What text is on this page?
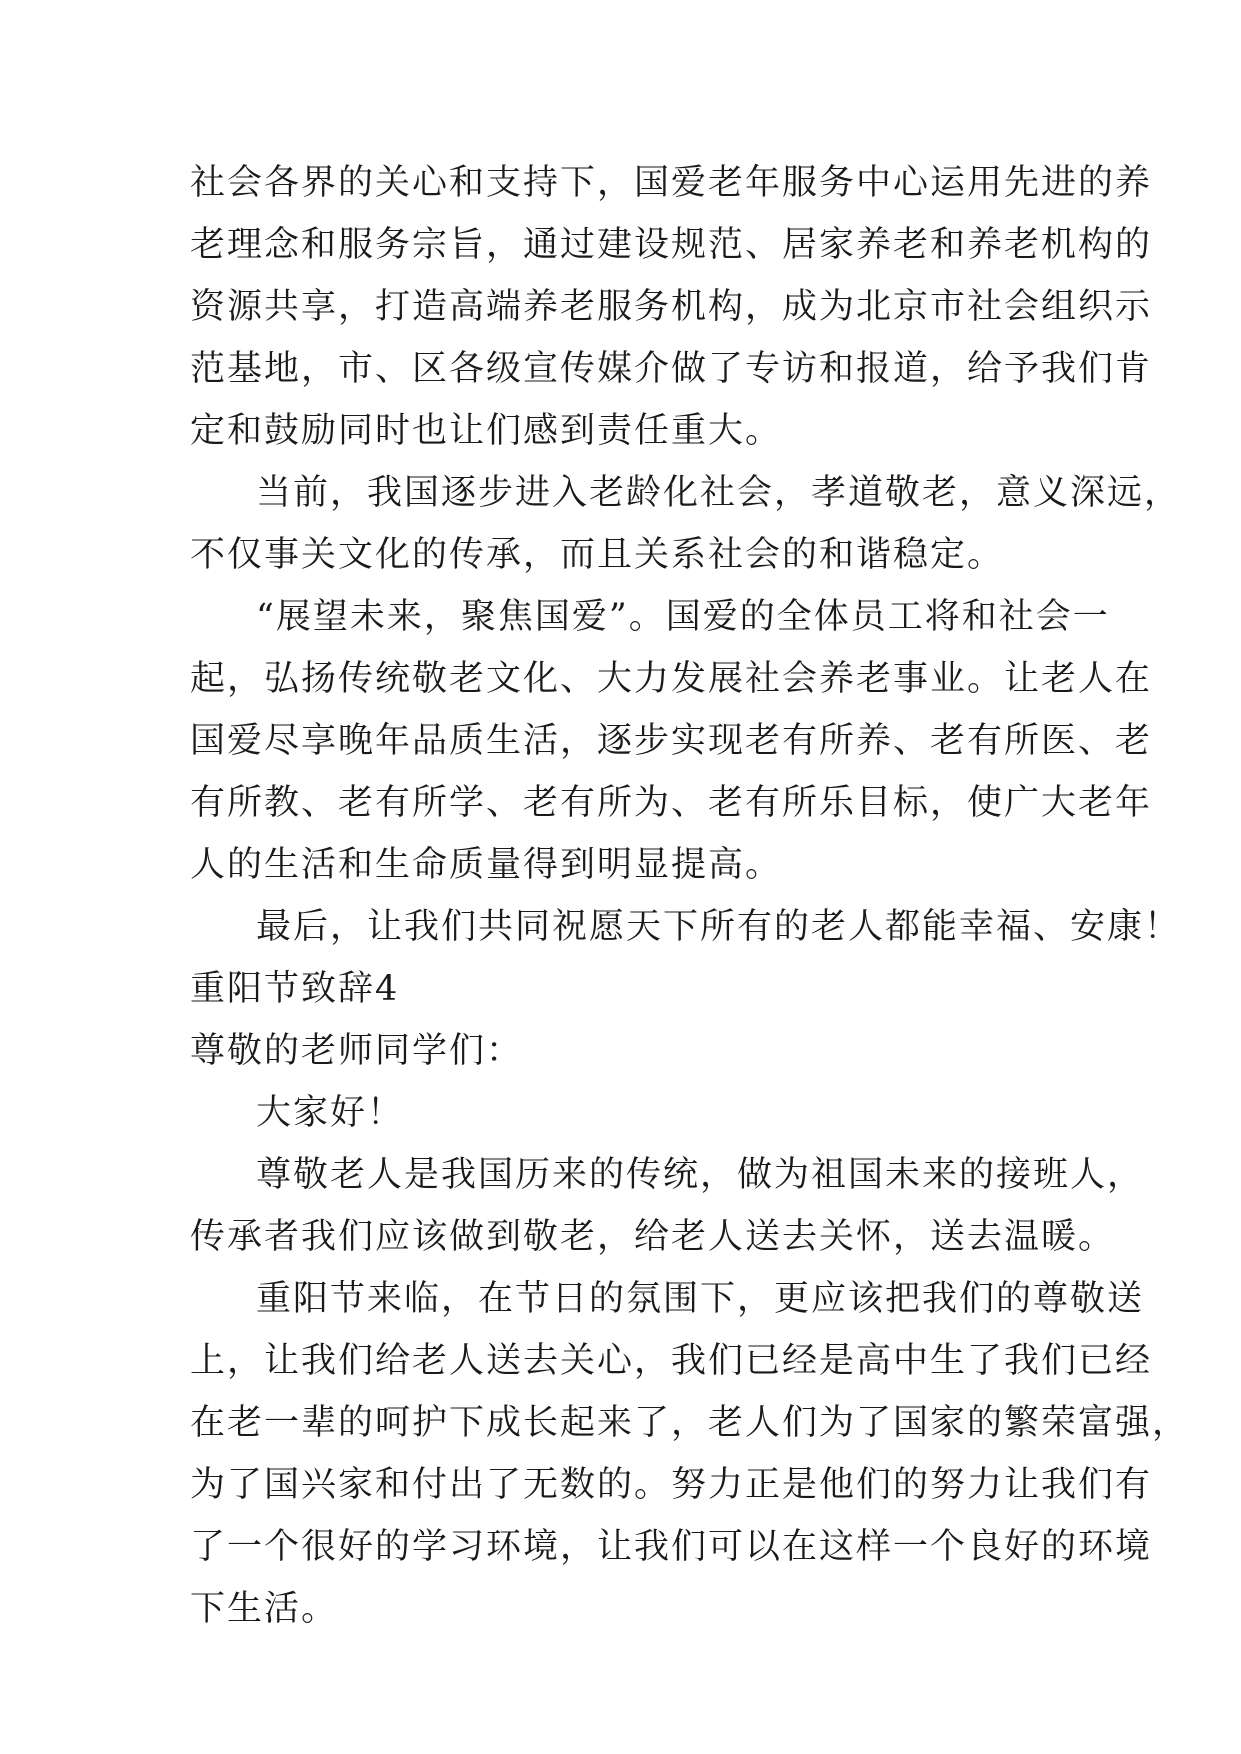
社会各界的关心和支持下，国爱老年服务中心运用先进的养
老理念和服务宗旨，通过建设规范、居家养老和养老机构的
资源共享，打造高端养老服务机构，成为北京市社会组织示
范基地，市、区各级宣传媒介做了专访和报道，给予我们肯
定和鼓励同时也让们感到责任重大。
当前，我国逐步进入老龄化社会，孝道敬老，意义深远，
不仅事关文化的传承，而且关系社会的和谐稳定。
“展望未来，聚焦国爱”。国爱的全体员工将和社会一
起，弘扬传统敬老文化、大力发展社会养老事业。让老人在
国爱尽享晚年品质生活，逐步实现老有所养、老有所医、老
有所教、老有所学、老有所为、老有所乐目标，使广大老年
人的生活和生命质量得到明显提高。
最后，让我们共同祝愿天下所有的老人都能幸福、安康！
重阳节致辞4
尊敬的老师同学们：
大家好！
尊敬老人是我国历来的传统，做为祖国未来的接班人，
传承者我们应该做到敬老，给老人送去关怀，送去温暖。
重阳节来临，在节日的氛围下，更应该把我们的尊敬送
上，让我们给老人送去关心，我们已经是高中生了我们已经
在老一辈的呵护下成长起来了，老人们为了国家的繁荣富强，
为了国兴家和付出了无数的。努力正是他们的努力让我们有
了一个很好的学习环境，让我们可以在这样一个良好的环境
下生活。
